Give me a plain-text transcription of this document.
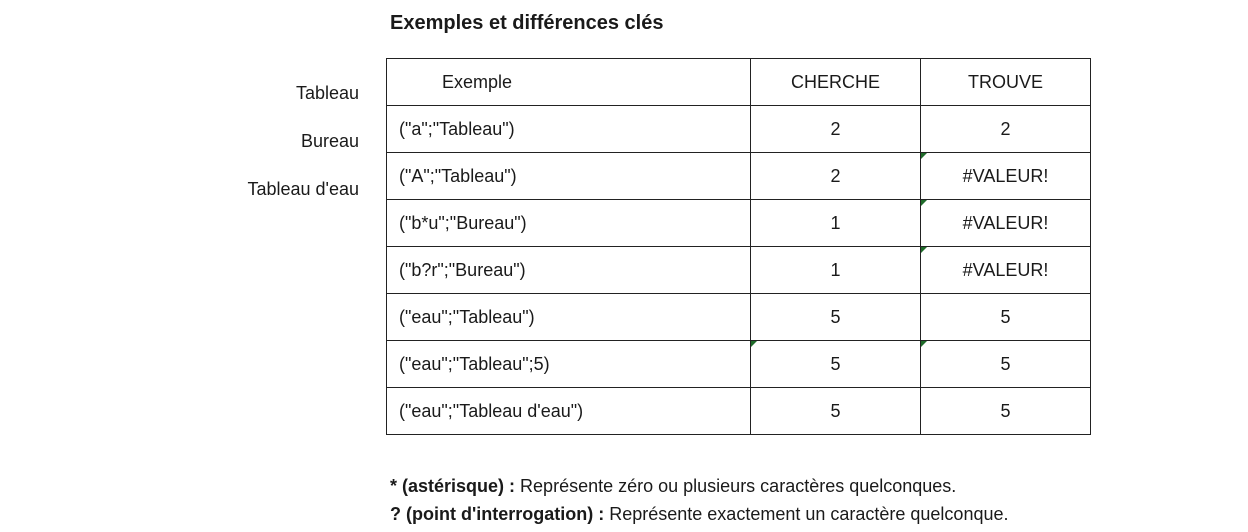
Exemples et différences clés
Tableau
Bureau
Tableau d'eau
Exemple	CHERCHE	TROUVE
("a";"Tableau")	2	2
("A";"Tableau")	2	#VALEUR!
("b*u";"Bureau")	1	#VALEUR!
("b?r";"Bureau")	1	#VALEUR!
("eau";"Tableau")	5	5
("eau";"Tableau";5)	5	5
("eau";"Tableau d'eau")	5	5
* (astérisque) : Représente zéro ou plusieurs caractères quelconques.
? (point d'interrogation) : Représente exactement un caractère quelconque.
